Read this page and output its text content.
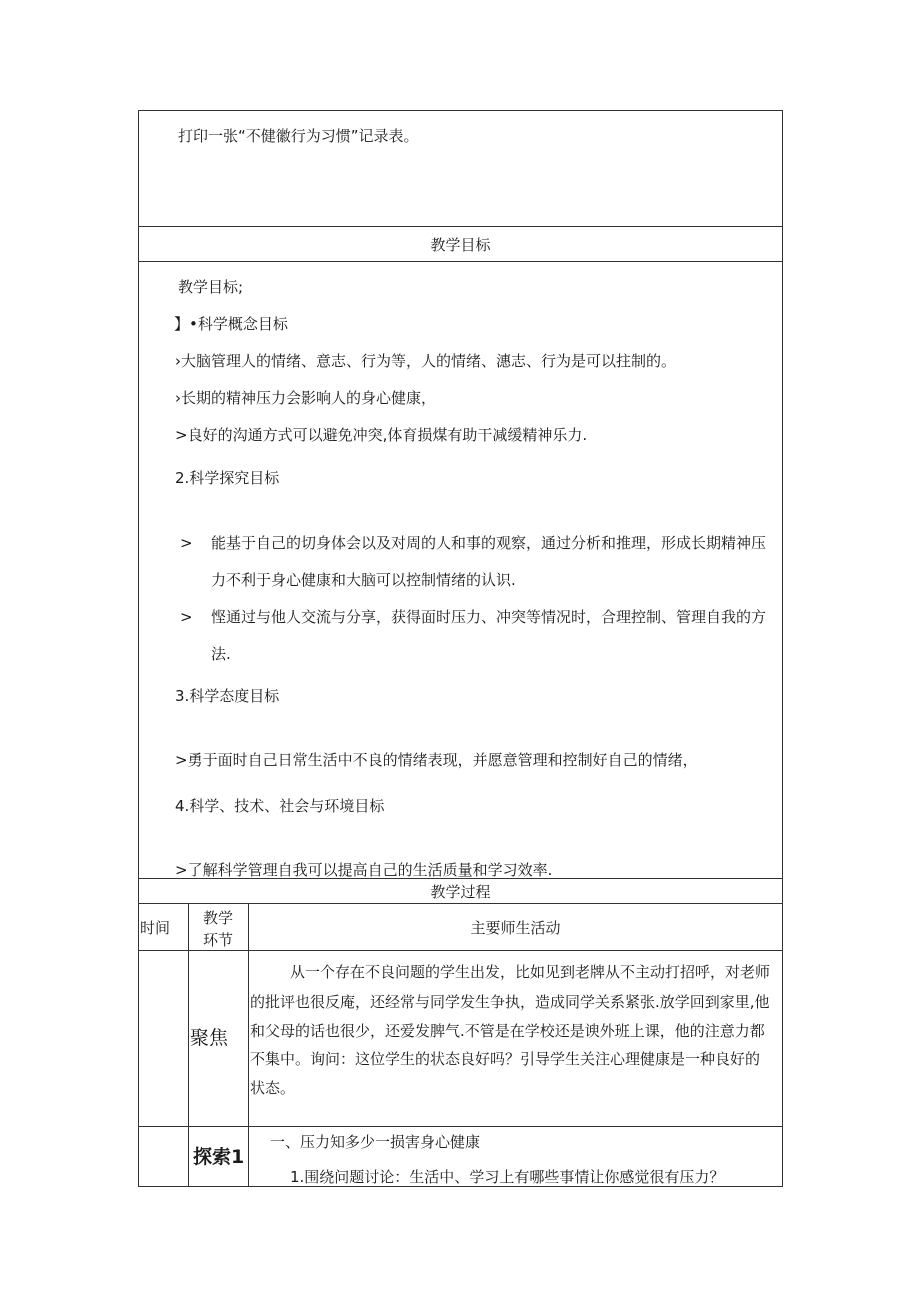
打印一张“不健徽行为习惯”记录表。
教学目标
教学目标;
】•科学概念目标
›大脑管理人的情绪、意志、行为等，人的情绪、潓志、行为是可以拄制的。
›长期的精神压力会影响人的身心健康，
>良好的沟通方式可以避免冲突,体育损煤有助干减缓精神乐力.
2.科学探究目标
> 能基于自己的切身体会以及对周的人和事的观察，通过分析和推理，形成长期精神压
力不利于身心健康和大脑可以控制情绪的认识.
> 悭通过与他人交流与分享，获得面时压力、冲突等情况时，合理控制、管理自我的方
法.
3.科学态度目标
>勇于面时自己日常生活中不良的情绪表现，并愿意管理和控制好自己的情绪，
4.科学、技术、社会与环境目标
>了解科学管理自我可以提高自己的生活质量和学习效率.
教学过程
时间
教学
环节
主要师生活动
聚焦
从一个存在不良问题的学生出发，比如见到老牌从不主动打招呼，对老师
的批评也很反庵，还经常与同学发生争执，造成同学关系紧张.放学回到家里,他
和父母的话也很少，还爱发脾气.不管是在学校还是谀外班上课，他的注意力都
不集中。询问：这位学生的状态良好吗？引导学生关注心理健康是一种良好的
状态。
探索1
一、压力知多少一损害身心健康
1.围绕问题讨论：生活中、学习上有哪些事情让你感觉很有压力？
